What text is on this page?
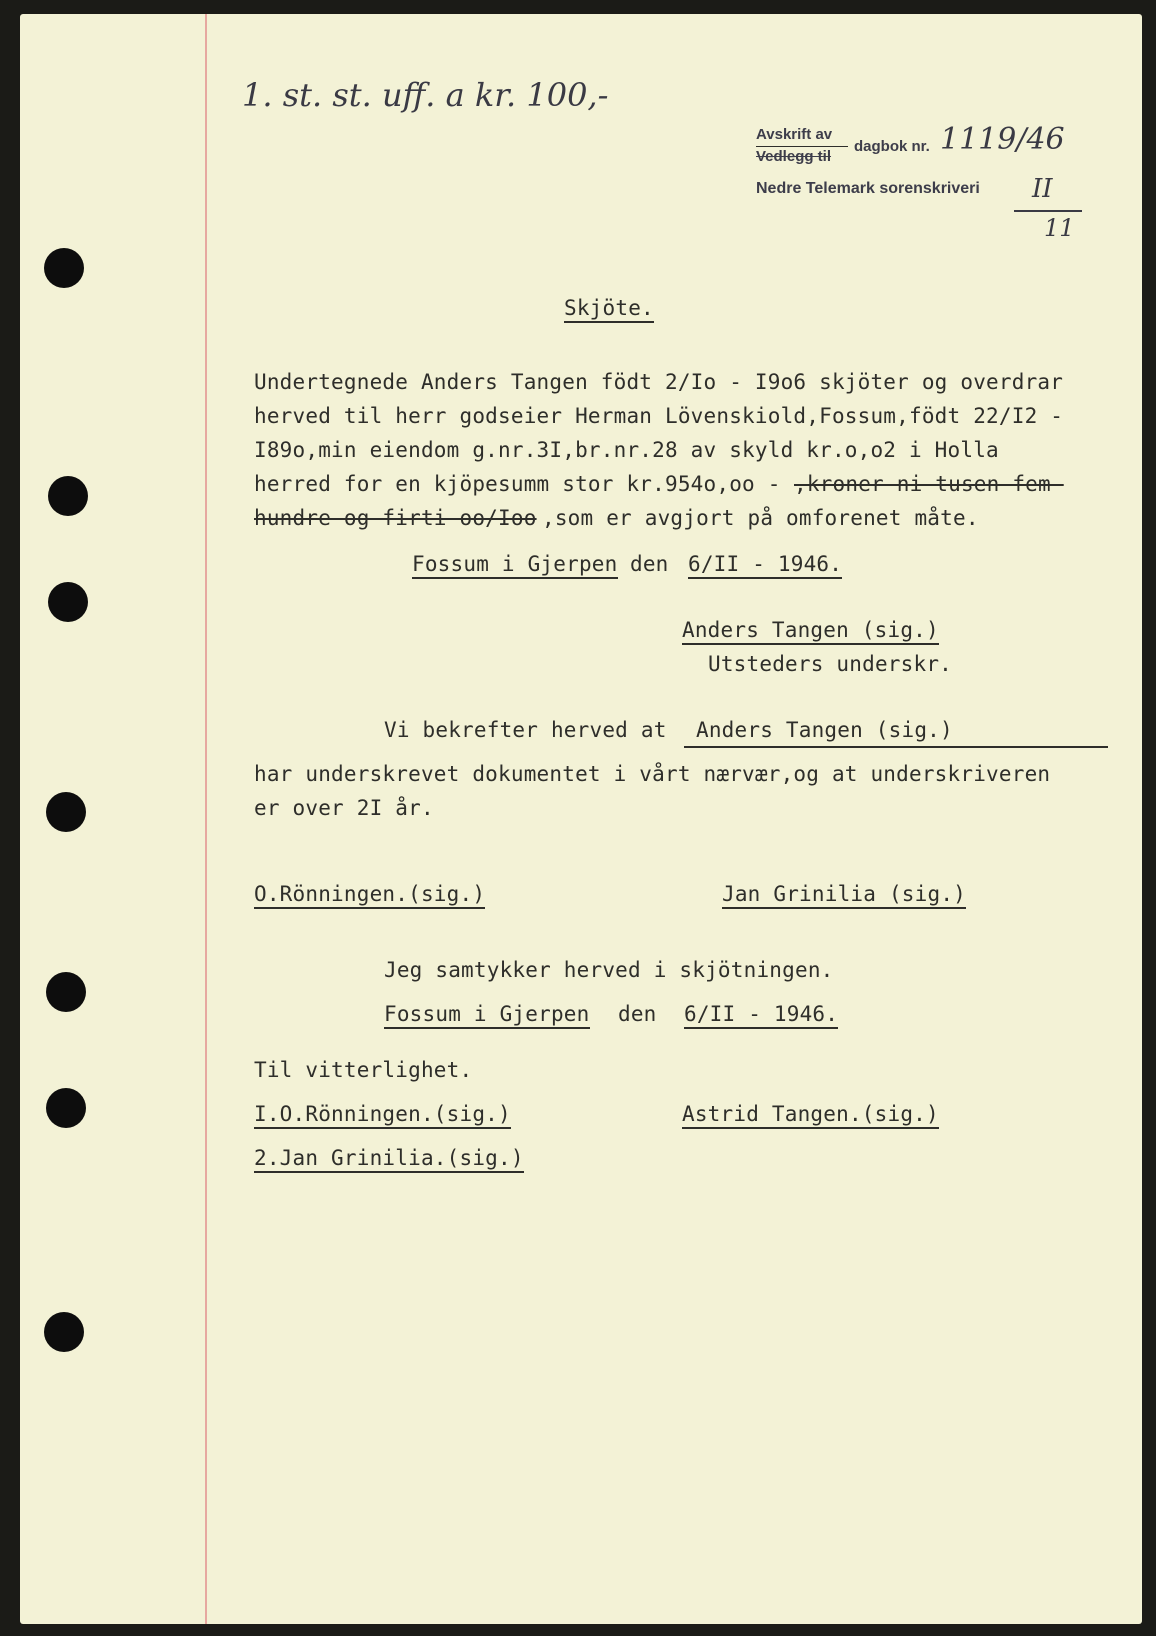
1. st. st. uff. a kr. 100,-
Avskrift av
Vedlegg til
dagbok nr. 1119/46
Nedre Telemark sorenskriveri II
11
Skjöte.
Undertegnede Anders Tangen födt 2/Io - I9o6 skjöter og overdrar
herved til herr godseier Herman Lövenskiold,Fossum,födt 22/I2 -
I89o,min eiendom g.nr.3I,br.nr.28 av skyld kr.o,o2 i Holla
herred for en kjöpesumm stor kr.954o,oo - ,kroner ni tusen fem-
hundre og firti oo/Ioo ,som er avgjort på omforenet måte.
Fossum i Gjerpen den 6/II - 1946.
Anders Tangen (sig.)
Utsteders underskr.
Vi bekrefter herved at Anders Tangen (sig.)
har underskrevet dokumentet i vårt nærvær,og at underskriveren
er over 2I år.
O.Rönningen.(sig.)	Jan Grinilia (sig.)
Jeg samtykker herved i skjötningen.
Fossum i Gjerpen den 6/II - 1946.
Til vitterlighet.
I.O.Rönningen.(sig.)	Astrid Tangen.(sig.)
2.Jan Grinilia.(sig.)
